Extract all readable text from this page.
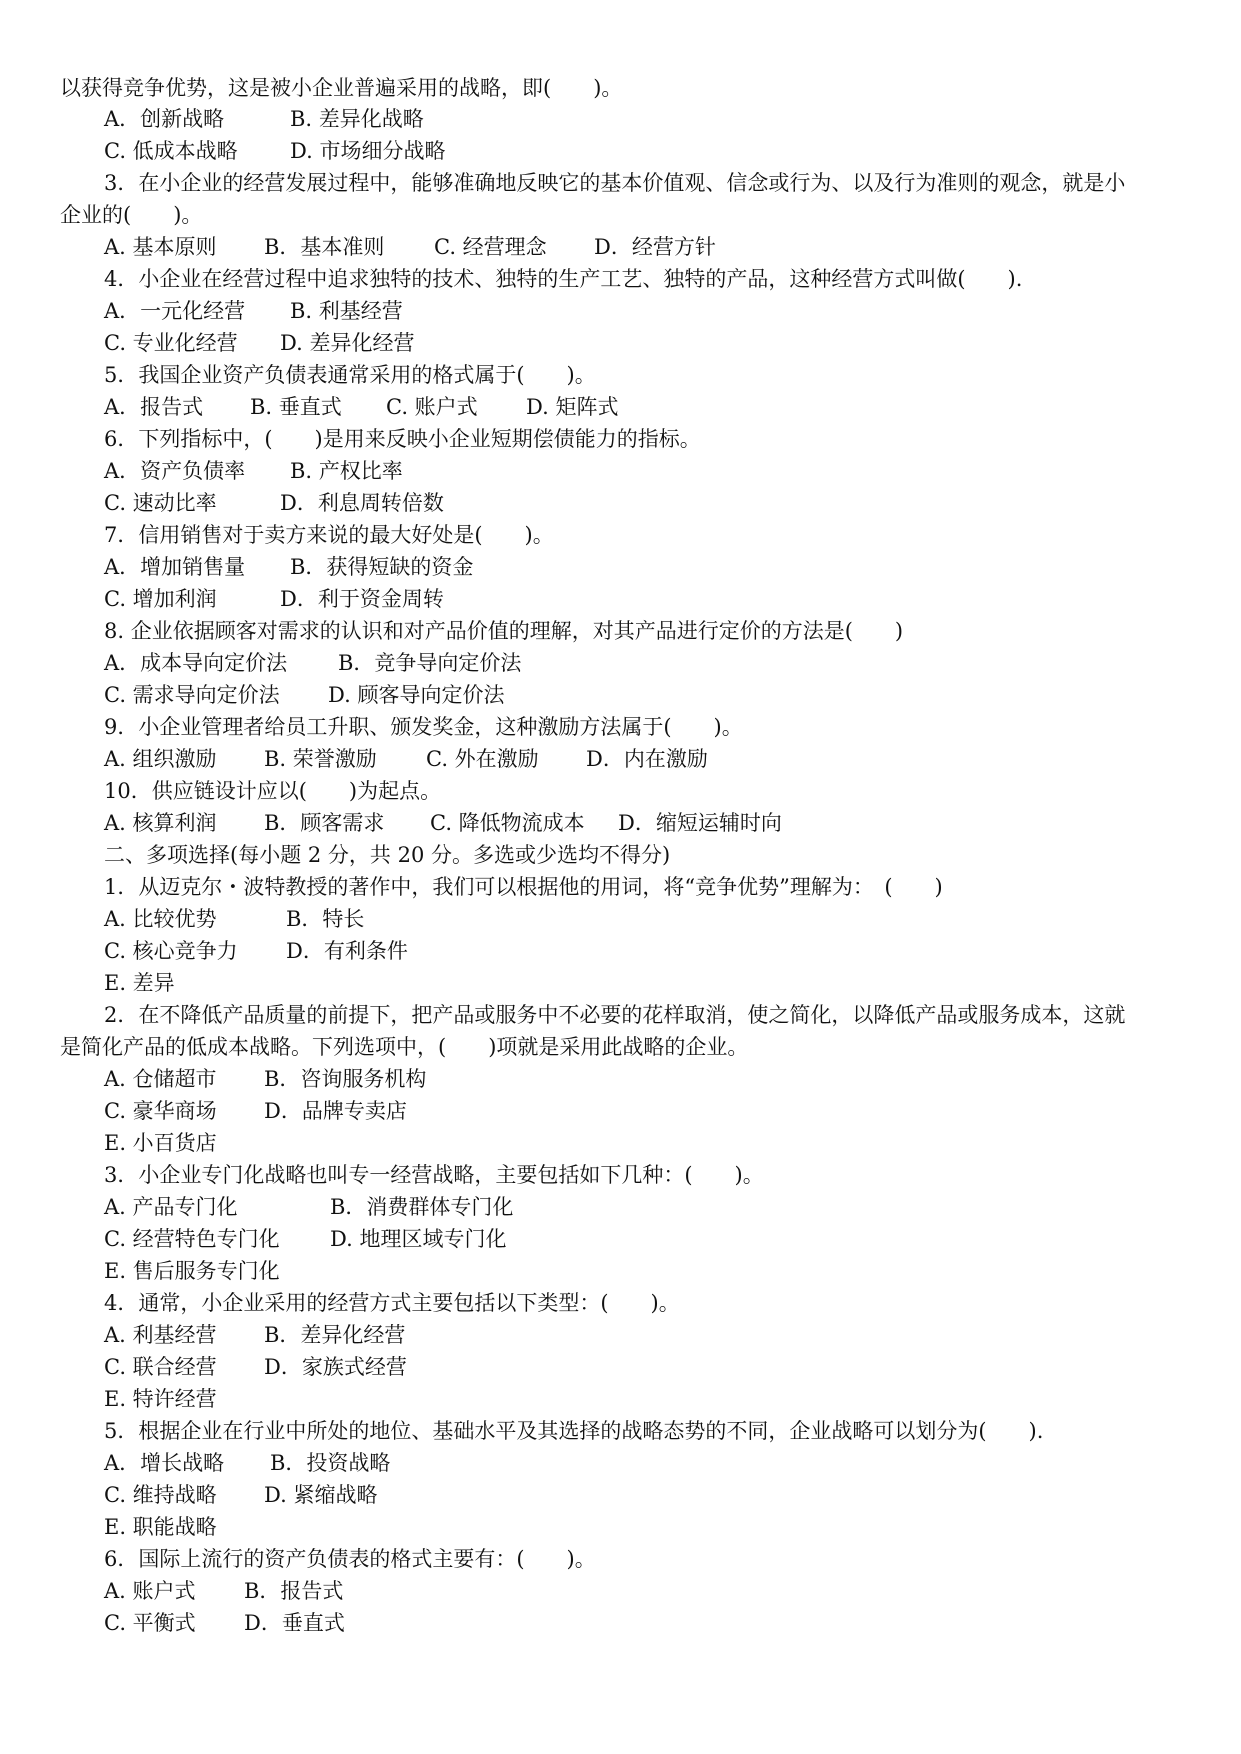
以获得竞争优势，这是被小企业普遍采用的战略，即(　　)。

A．创新战略

	B. 差异化战略

C. 低成本战略

D. 市场细分战略

3．在小企业的经营发展过程中，能够准确地反映它的基本价值观、信念或行为、以及行为准则的观念，就是小
企业的(　　)。

A. 基本原则

B．基本准则

C. 经营理念

D．经营方针

4．小企业在经营过程中追求独特的技术、独特的生产工艺、独特的产品，这种经营方式叫做(　　).

A．一元化经营

B. 利基经营

C. 专业化经营

D. 差异化经营

5．我国企业资产负债表通常采用的格式属于(　　)。

A．报告式

B. 垂直式

C. 账户式

D. 矩阵式

6．下列指标中，(　　)是用来反映小企业短期偿债能力的指标。

A．资产负债率

B. 产权比率

C. 速动比率

	D．利息周转倍数

7．信用销售对于卖方来说的最大好处是(　　)。

A．增加销售量

B．获得短缺的资金

C. 增加利润

	D．利于资金周转

8. 企业依据顾客对需求的认识和对产品价值的理解，对其产品进行定价的方法是(　　)

A．成本导向定价法

B．竞争导向定价法

C. 需求导向定价法

D. 顾客导向定价法

9．小企业管理者给员工升职、颁发奖金，这种激励方法属于(　　)。

A. 组织激励

B. 荣誉激励

C. 外在激励

D．内在激励

10．供应链设计应以(　　)为起点。

A. 核算利润

B．顾客需求

C. 降低物流成本

D．缩短运辅时向

二、多项选择(每小题 2 分，共 20 分。多选或少选均不得分)
1．从迈克尔・波特教授的著作中，我们可以根据他的用词，将“竞争优势”理解为：　(　　)

A. 比较优势

	B．特长

C. 核心竞争力

D．有利条件

E. 差异

2．在不降低产品质量的前提下，把产品或服务中不必要的花样取消，使之简化，以降低产品或服务成本，这就
是简化产品的低成本战略。下列选项中，(　　)项就是采用此战略的企业。

A. 仓储超市

B．咨询服务机构

C. 豪华商场

D．品牌专卖店

E. 小百货店

3．小企业专门化战略也叫专一经营战略，主要包括如下几种：(　　)。

A. 产品专门化

	B．消费群体专门化

C. 经营特色专门化

D. 地理区域专门化

E. 售后服务专门化

4．通常，小企业采用的经营方式主要包括以下类型：(　　)。

A. 利基经营

B．差异化经营

C. 联合经营

D．家族式经营

E. 特许经营

5．根据企业在行业中所处的地位、基础水平及其选择的战略态势的不同，企业战略可以划分为(　　).

A．增长战略

B．投资战略

C. 维持战略

D. 紧缩战略

E. 职能战略

6．国际上流行的资产负债表的格式主要有：(　　)。

A. 账户式

B．报告式

C. 平衡式

D．垂直式
